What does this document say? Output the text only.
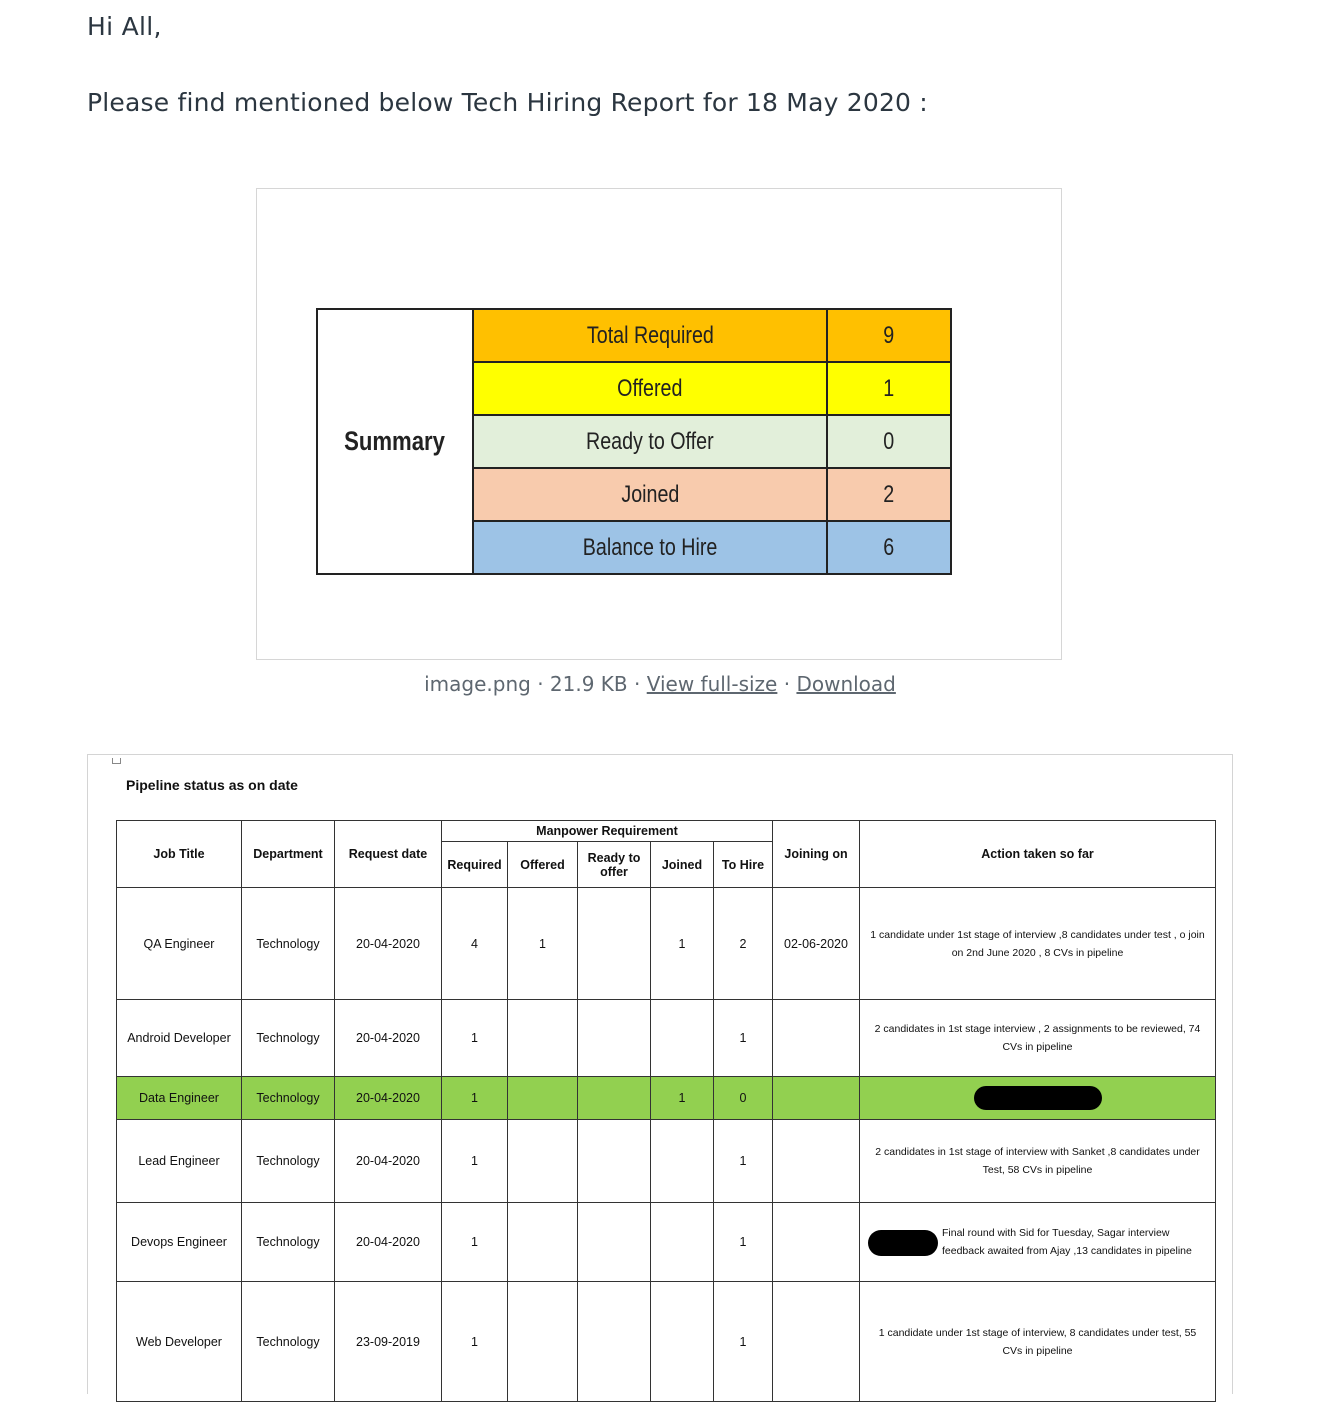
Hi All,
Please find mentioned below Tech Hiring Report for 18 May 2020 :
Summary	Total Required	9
	Offered	1
	Ready to Offer	0
	Joined	2
	Balance to Hire	6
image.png · 21.9 KB · View full-size · Download
Pipeline status as on date
Job Title	Department	Request date	Manpower Requirement					Joining on	Action taken so far
			Required	Offered	Ready to offer	Joined	To Hire		
QA Engineer	Technology	20-04-2020	4	1		1	2	02-06-2020	1 candidate under 1st stage of interview ,8 candidates under test , o join on 2nd June 2020 , 8 CVs in pipeline
Android Developer	Technology	20-04-2020	1				1		2 candidates in 1st stage interview , 2 assignments to be reviewed, 74 CVs in pipeline
Data Engineer	Technology	20-04-2020	1			1	0		
Lead Engineer	Technology	20-04-2020	1				1		2 candidates in 1st stage of interview with Sanket ,8 candidates under Test, 58 CVs in pipeline
Devops Engineer	Technology	20-04-2020	1				1		Final round with Sid for Tuesday, Sagar interview feedback awaited from Ajay ,13 candidates in pipeline
Web Developer	Technology	23-09-2019	1				1		1 candidate under 1st stage of interview, 8 candidates under test, 55 CVs in pipeline
